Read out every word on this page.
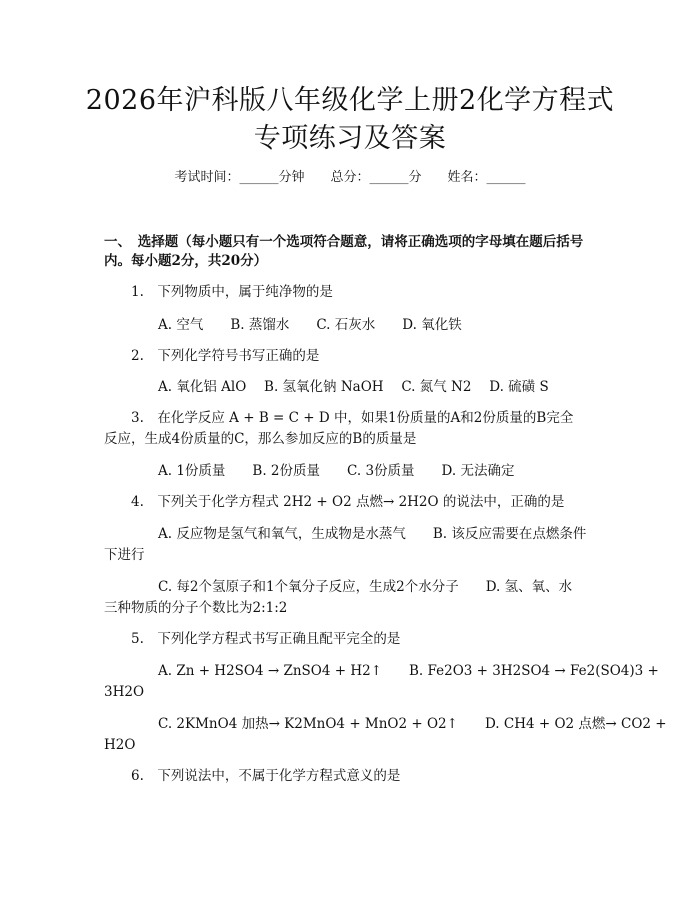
2026年沪科版八年级化学上册2化学方程式
专项练习及答案
考试时间：______分钟　　总分：______分　　姓名：______
一、　选择题（每小题只有一个选项符合题意，请将正确选项的字母填在题后括号
内。每小题2分，共20分）
1.　下列物质中，属于纯净物的是
A. 空气　　B. 蒸馏水　　C. 石灰水　　D. 氧化铁
2.　下列化学符号书写正确的是
A. 氧化铝 AlO　 B. 氢氧化钠 NaOH　 C. 氮气 N2　 D. 硫磺 S
3.　在化学反应 A + B = C + D 中，如果1份质量的A和2份质量的B完全
反应，生成4份质量的C，那么参加反应的B的质量是
A. 1份质量　　B. 2份质量　　C. 3份质量　　D. 无法确定
4.　下列关于化学方程式 2H2 + O2 点燃→ 2H2O 的说法中，正确的是
A. 反应物是氢气和氧气，生成物是水蒸气　　B. 该反应需要在点燃条件
下进行
C. 每2个氢原子和1个氧分子反应，生成2个水分子　　D. 氢、氧、水
三种物质的分子个数比为2:1:2
5.　下列化学方程式书写正确且配平完全的是
A. Zn + H2SO4 → ZnSO4 + H2↑　　B. Fe2O3 + 3H2SO4 → Fe2(SO4)3 +
3H2O
C. 2KMnO4 加热→ K2MnO4 + MnO2 + O2↑　　D. CH4 + O2 点燃→ CO2 +
H2O
6.　下列说法中，不属于化学方程式意义的是
